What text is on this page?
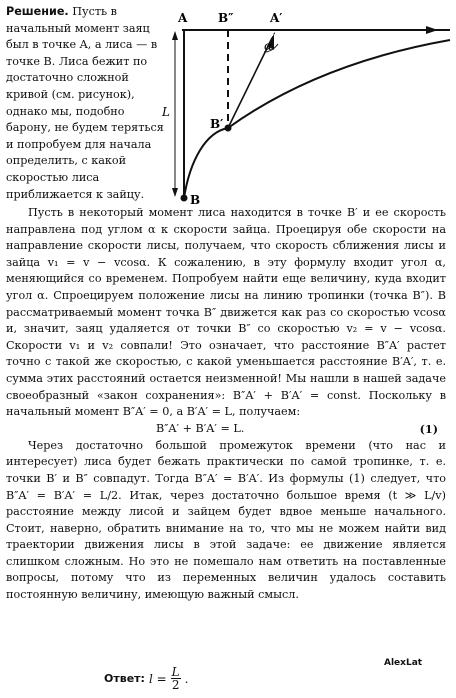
Решение. Пусть в начальный момент заяц был в точке A, а лиса — в точке B. Лиса бежит по достаточно сложной кривой (см. рисунок), однако мы, подобно барону, не будем теряться и попробуем для начала определить, с какой скоростью лиса приближается к зайцу.
A	B″	A′
α
L
B′
B

Пусть в некоторый момент лиса находится в точке B′ и ее скорость направлена под углом α к скорости зайца. Проецируя обе скорости на направление скорости лисы, получаем, что скорость сближения лисы и зайца v₁ = v − vcosα. К сожалению, в эту формулу входит угол α, меняющийся со временем. Попробуем найти еще величину, куда входит угол α. Спроецируем положение лисы на линию тропинки (точка B″). В рассматриваемый момент точка B″ движется как раз со скоростью vcosα и, значит, заяц удаляется от точки B″ со скоростью v₂ = v − vcosα. Скорости v₁ и v₂ совпали! Это означает, что расстояние B″A′ растет точно с такой же скоростью, с какой уменьшается расстояние B′A′, т. е. сумма этих расстояний остается неизменной! Мы нашли в нашей задаче своеобразный «закон сохранения»: B″A′ + B′A′ = const. Поскольку в начальный момент B″A′ = 0, а B′A′ = L, получаем:

B″A′ + B′A′ = L.	(1)

Через достаточно большой промежуток времени (что нас и интересует) лиса будет бежать практически по самой тропинке, т. е. точки B′ и B″ совпадут. Тогда B″A′ = B′A′. Из формулы (1) следует, что B″A′ = B′A′ = L/2. Итак, через достаточно большое время (t ≫ L/v) расстояние между лисой и зайцем будет вдвое меньше начального. Стоит, наверно, обратить внимание на то, что мы не можем найти вид траектории движения лисы в этой задаче: ее движение является слишком сложным. Но это не помешало нам ответить на поставленные вопросы, потому что из переменных величин удалось составить постоянную величину, имеющую важный смысл.

Ответ: $l = \frac{L}{2}$ .
AlexLat
